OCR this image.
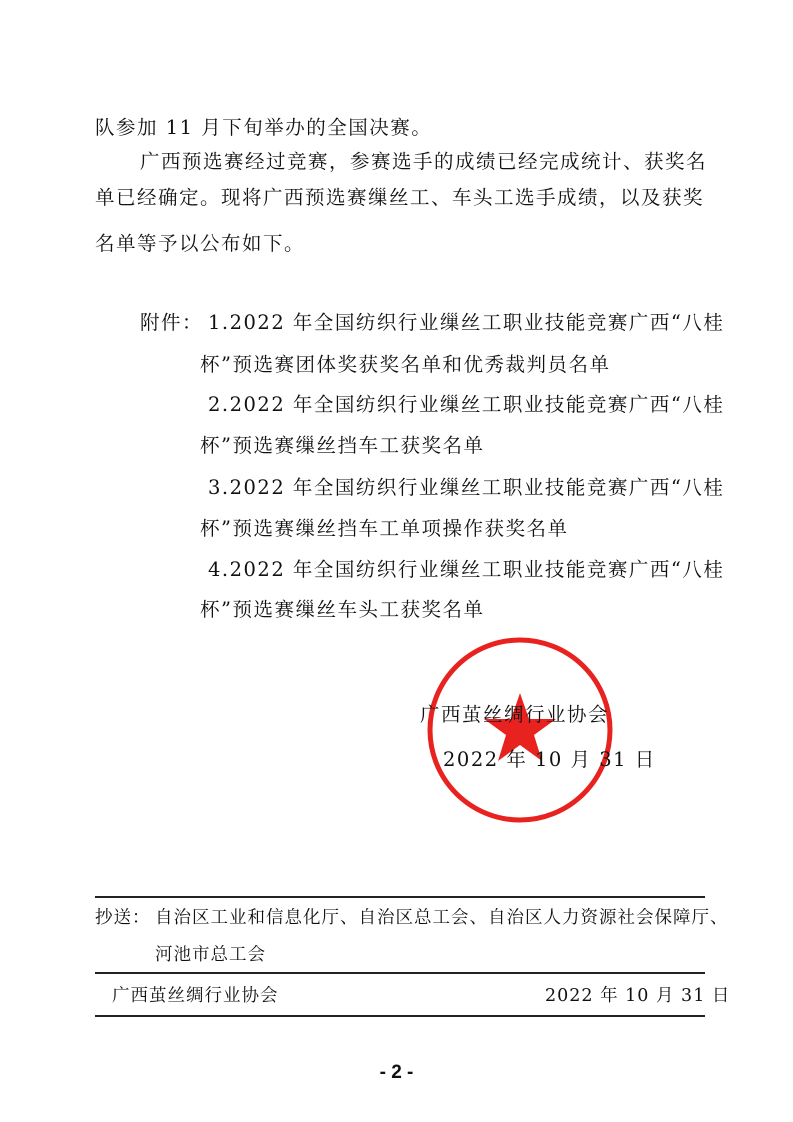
队参加 11 月下旬举办的全国决赛。
广西预选赛经过竞赛，参赛选手的成绩已经完成统计、获奖名
单已经确定。现将广西预选赛缫丝工、车头工选手成绩，以及获奖
名单等予以公布如下。
附件： 1.2022 年全国纺织行业缫丝工职业技能竞赛广西“八桂
杯”预选赛团体奖获奖名单和优秀裁判员名单
2.2022 年全国纺织行业缫丝工职业技能竞赛广西“八桂
杯”预选赛缫丝挡车工获奖名单
3.2022 年全国纺织行业缫丝工职业技能竞赛广西“八桂
杯”预选赛缫丝挡车工单项操作获奖名单
4.2022 年全国纺织行业缫丝工职业技能竞赛广西“八桂
杯”预选赛缫丝车头工获奖名单
广西茧丝绸行业协会
2022 年 10 月 31 日
抄送： 自治区工业和信息化厅、自治区总工会、自治区人力资源社会保障厅、
河池市总工会
广西茧丝绸行业协会	2022 年 10 月 31 日
- 2 -
